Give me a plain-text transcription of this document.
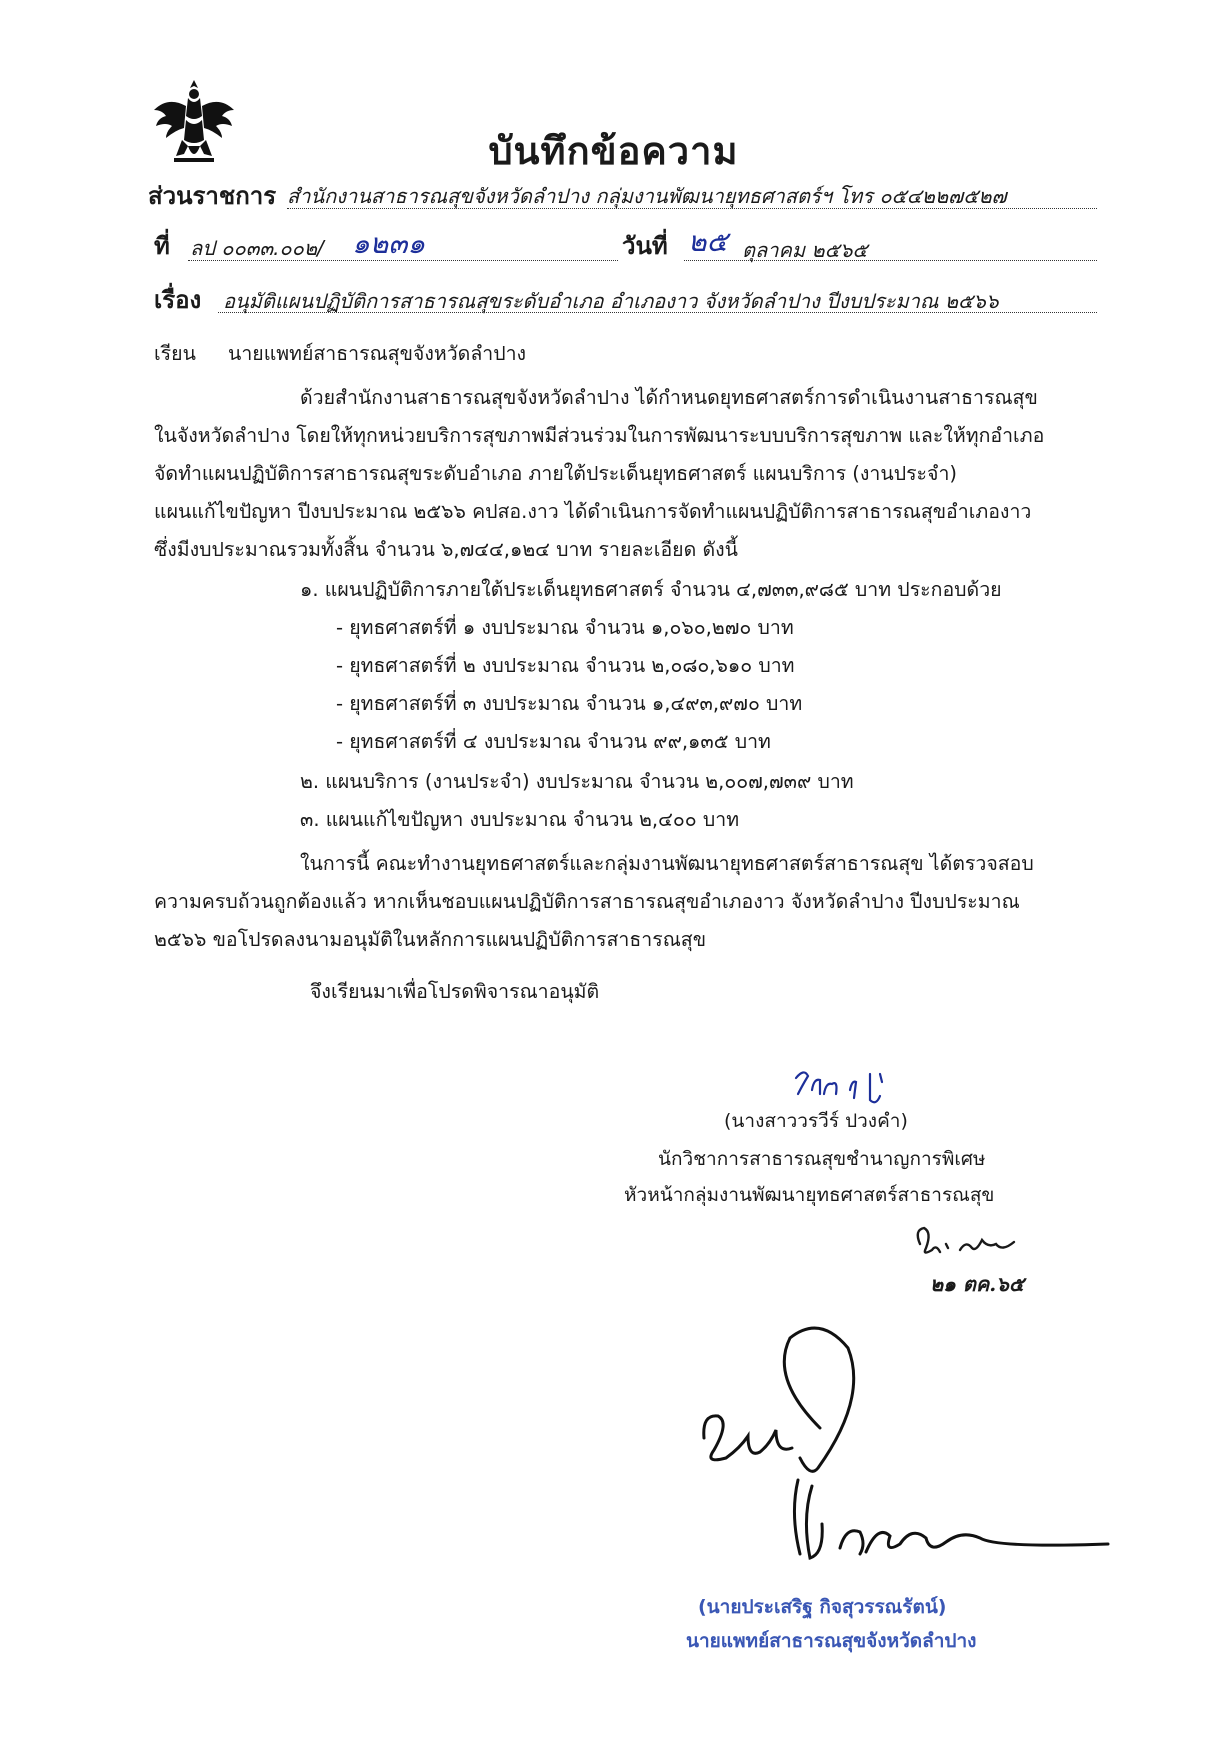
บันทึกข้อความ
ส่วนราชการ สำนักงานสาธารณสุขจังหวัดลำปาง กลุ่มงานพัฒนายุทธศาสตร์ฯ โทร ๐๕๔๒๒๗๕๒๗
ที่ ลป ๐๐๓๓.๐๐๒/ ๑๒๓๑	วันที่ ๒๕ ตุลาคม ๒๕๖๕
เรื่อง อนุมัติแผนปฏิบัติการสาธารณสุขระดับอำเภอ อำเภองาว จังหวัดลำปาง ปีงบประมาณ ๒๕๖๖
เรียน นายแพทย์สาธารณสุขจังหวัดลำปาง
ด้วยสำนักงานสาธารณสุขจังหวัดลำปาง ได้กำหนดยุทธศาสตร์การดำเนินงานสาธารณสุข
ในจังหวัดลำปาง โดยให้ทุกหน่วยบริการสุขภาพมีส่วนร่วมในการพัฒนาระบบบริการสุขภาพ และให้ทุกอำเภอ
จัดทำแผนปฏิบัติการสาธารณสุขระดับอำเภอ ภายใต้ประเด็นยุทธศาสตร์ แผนบริการ (งานประจำ)
แผนแก้ไขปัญหา ปีงบประมาณ ๒๕๖๖ คปสอ.งาว ได้ดำเนินการจัดทำแผนปฏิบัติการสาธารณสุขอำเภองาว
ซึ่งมีงบประมาณรวมทั้งสิ้น จำนวน ๖,๗๔๔,๑๒๔ บาท รายละเอียด ดังนี้
๑. แผนปฏิบัติการภายใต้ประเด็นยุทธศาสตร์ จำนวน ๔,๗๓๓,๙๘๕ บาท ประกอบด้วย
- ยุทธศาสตร์ที่ ๑ งบประมาณ จำนวน ๑,๐๖๐,๒๗๐ บาท
- ยุทธศาสตร์ที่ ๒ งบประมาณ จำนวน ๒,๐๘๐,๖๑๐ บาท
- ยุทธศาสตร์ที่ ๓ งบประมาณ จำนวน ๑,๔๙๓,๙๗๐ บาท
- ยุทธศาสตร์ที่ ๔ งบประมาณ จำนวน ๙๙,๑๓๕ บาท
๒. แผนบริการ (งานประจำ) งบประมาณ จำนวน ๒,๐๐๗,๗๓๙ บาท
๓. แผนแก้ไขปัญหา งบประมาณ จำนวน ๒,๔๐๐ บาท
ในการนี้ คณะทำงานยุทธศาสตร์และกลุ่มงานพัฒนายุทธศาสตร์สาธารณสุข ได้ตรวจสอบ
ความครบถ้วนถูกต้องแล้ว หากเห็นชอบแผนปฏิบัติการสาธารณสุขอำเภองาว จังหวัดลำปาง ปีงบประมาณ
๒๕๖๖ ขอโปรดลงนามอนุมัติในหลักการแผนปฏิบัติการสาธารณสุข
จึงเรียนมาเพื่อโปรดพิจารณาอนุมัติ
(นางสาววรวีร์ ปวงคำ)
นักวิชาการสาธารณสุขชำนาญการพิเศษ
หัวหน้ากลุ่มงานพัฒนายุทธศาสตร์สาธารณสุข
๒๑ ตค.๖๕
(นายประเสริฐ กิจสุวรรณรัตน์)
นายแพทย์สาธารณสุขจังหวัดลำปาง
